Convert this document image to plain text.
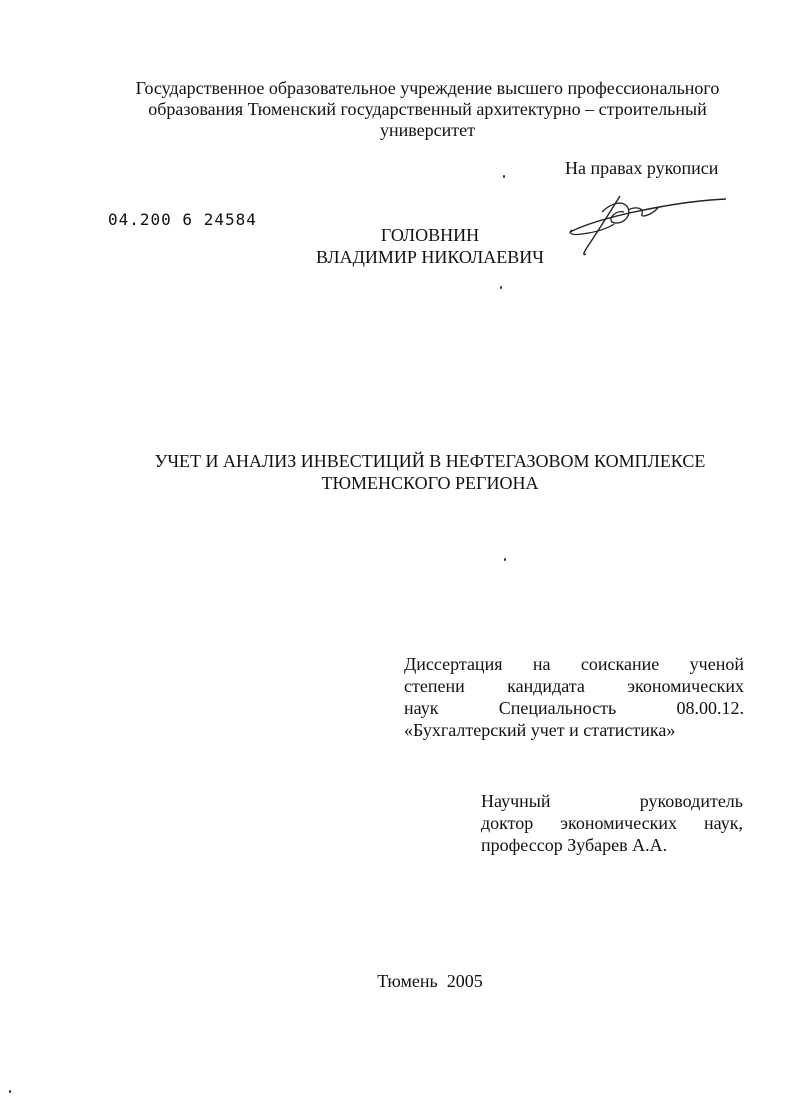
Государственное образовательное учреждение высшего профессионального
образования Тюменский государственный архитектурно – строительный
университет
На правах рукописи
04.200 6 24584
ГОЛОВНИН
ВЛАДИМИР НИКОЛАЕВИЧ
УЧЕТ И АНАЛИЗ ИНВЕСТИЦИЙ В НЕФТЕГАЗОВОМ КОМПЛЕКСЕ
ТЮМЕНСКОГО РЕГИОНА
Диссертация на соискание ученой
степени кандидата экономических
наук Специальность 08.00.12.
«Бухгалтерский учет и статистика»
Научный руководитель
доктор экономических наук,
профессор Зубарев А.А.
Тюмень  2005
